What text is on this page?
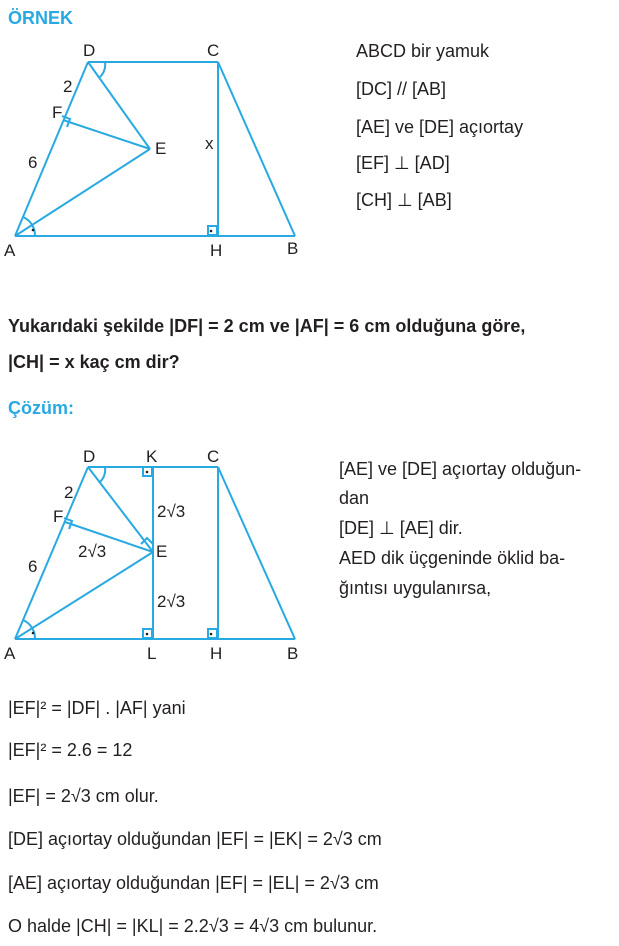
ÖRNEK
A	B
C
D
E
F
H
2
6
x
ABCD bir yamuk
[DC] // [AB]
[AE] ve [DE] açıortay
[EF] ⊥ [AD]
[CH] ⊥ [AB]
Yukarıdaki şekilde |DF| = 2 cm ve |AF| = 6 cm olduğuna göre,
|CH| = x kaç cm dir?
Çözüm:
A	B
C
D	K
E
F
H
L
2
6
2√3
2√3
2√3
[AE] ve [DE] açıortay olduğun-
dan
[DE] ⊥ [AE] dir.
AED dik üçgeninde öklid ba-
ğıntısı uygulanırsa,
|EF|² = |DF| . |AF| yani
|EF|² = 2.6 = 12
|EF| = 2√3 cm olur.
[DE] açıortay olduğundan |EF| = |EK| = 2√3 cm
[AE] açıortay olduğundan |EF| = |EL| = 2√3 cm
O halde |CH| = |KL| = 2.2√3 = 4√3 cm bulunur.
